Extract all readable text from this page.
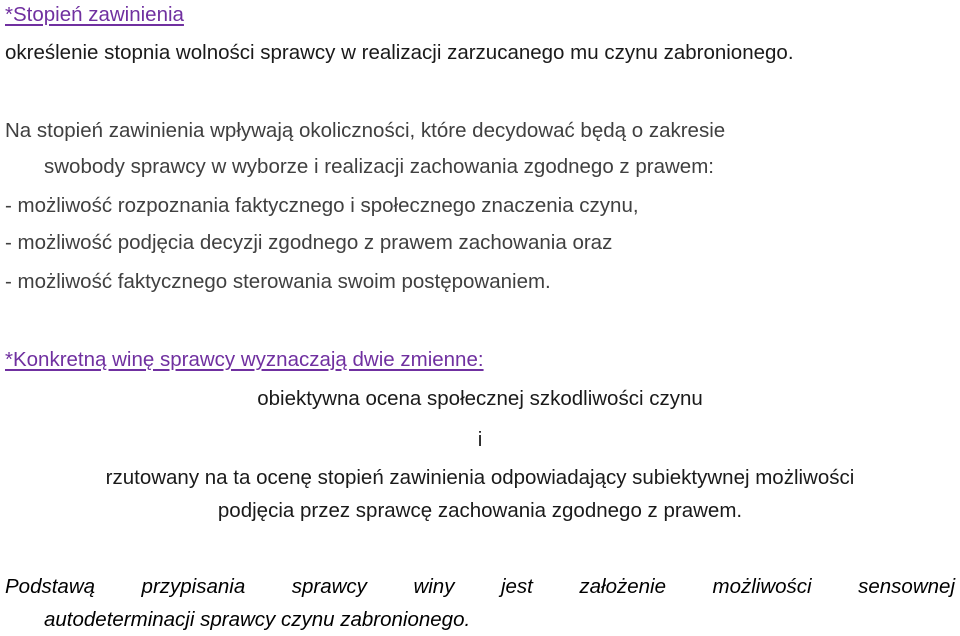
*Stopień zawinienia
określenie stopnia wolności sprawcy w realizacji zarzucanego mu czynu zabronionego.
Na stopień zawinienia wpływają okoliczności, które decydować będą o zakresie
swobody sprawcy w wyborze i realizacji zachowania zgodnego z prawem:
- możliwość rozpoznania faktycznego i społecznego znaczenia czynu,
- możliwość podjęcia decyzji zgodnego z prawem zachowania oraz
- możliwość faktycznego sterowania swoim postępowaniem.
*Konkretną winę sprawcy wyznaczają dwie zmienne:
obiektywna ocena społecznej szkodliwości czynu
i
rzutowany na ta ocenę stopień zawinienia odpowiadający subiektywnej możliwości
podjęcia przez sprawcę zachowania zgodnego z prawem.
Podstawą przypisania sprawcy winy jest założenie możliwości sensownej
autodeterminacji sprawcy czynu zabronionego.
